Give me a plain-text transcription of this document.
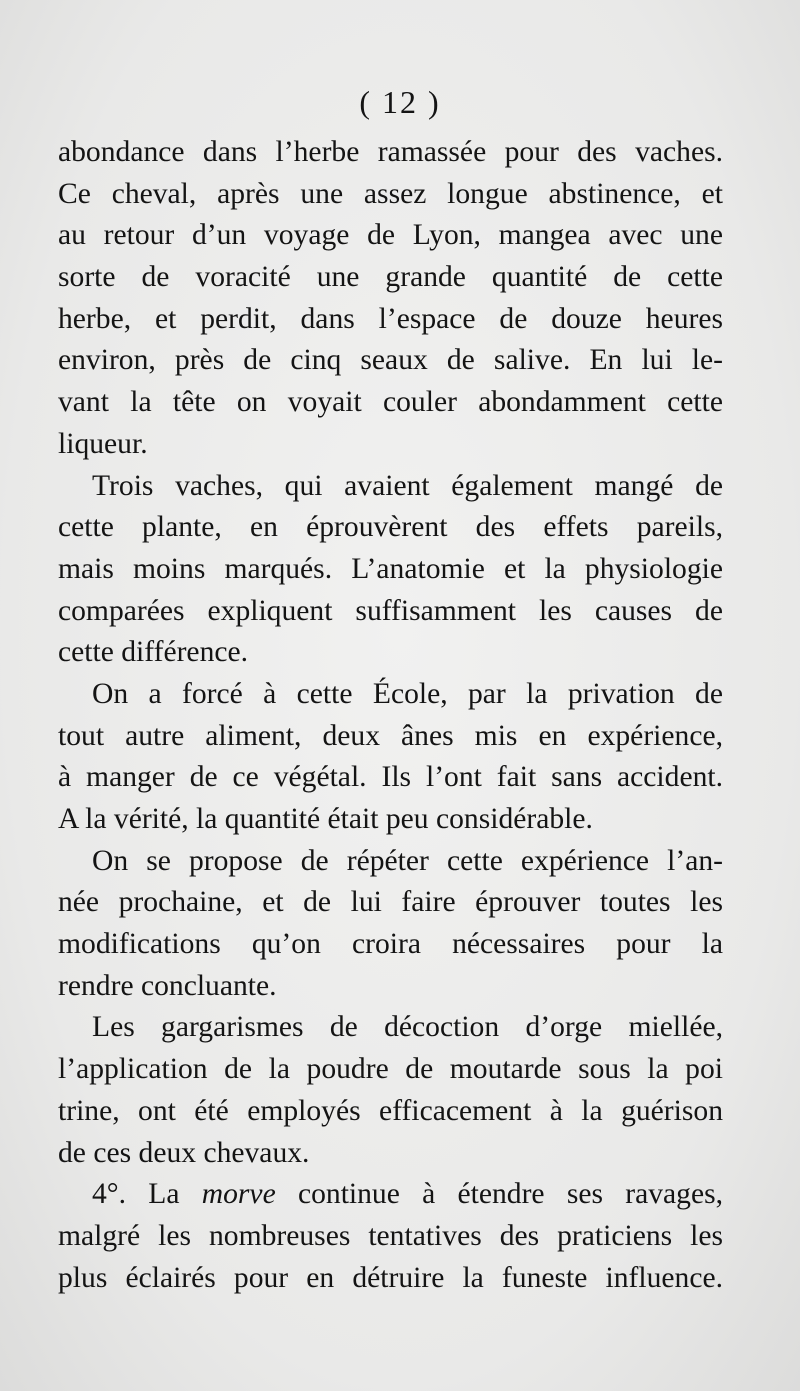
( 12 )
abondance dans l’herbe ramassée pour des vaches.
Ce cheval, après une assez longue abstinence, et
au retour d’un voyage de Lyon, mangea avec une
sorte de voracité une grande quantité de cette
herbe, et perdit, dans l’espace de douze heures
environ, près de cinq seaux de salive. En lui le-
vant la tête on voyait couler abondamment cette
liqueur.
Trois vaches, qui avaient également mangé de
cette plante, en éprouvèrent des effets pareils,
mais moins marqués. L’anatomie et la physiologie
comparées expliquent suffisamment les causes de
cette différence.
On a forcé à cette École, par la privation de
tout autre aliment, deux ânes mis en expérience,
à manger de ce végétal. Ils l’ont fait sans accident.
A la vérité, la quantité était peu considérable.
On se propose de répéter cette expérience l’an-
née prochaine, et de lui faire éprouver toutes les
modifications qu’on croira nécessaires pour la
rendre concluante.
Les gargarismes de décoction d’orge miellée,
l’application de la poudre de moutarde sous la poi
trine, ont été employés efficacement à la guérison
de ces deux chevaux.
4°. La morve continue à étendre ses ravages,
malgré les nombreuses tentatives des praticiens les
plus éclairés pour en détruire la funeste influence.
